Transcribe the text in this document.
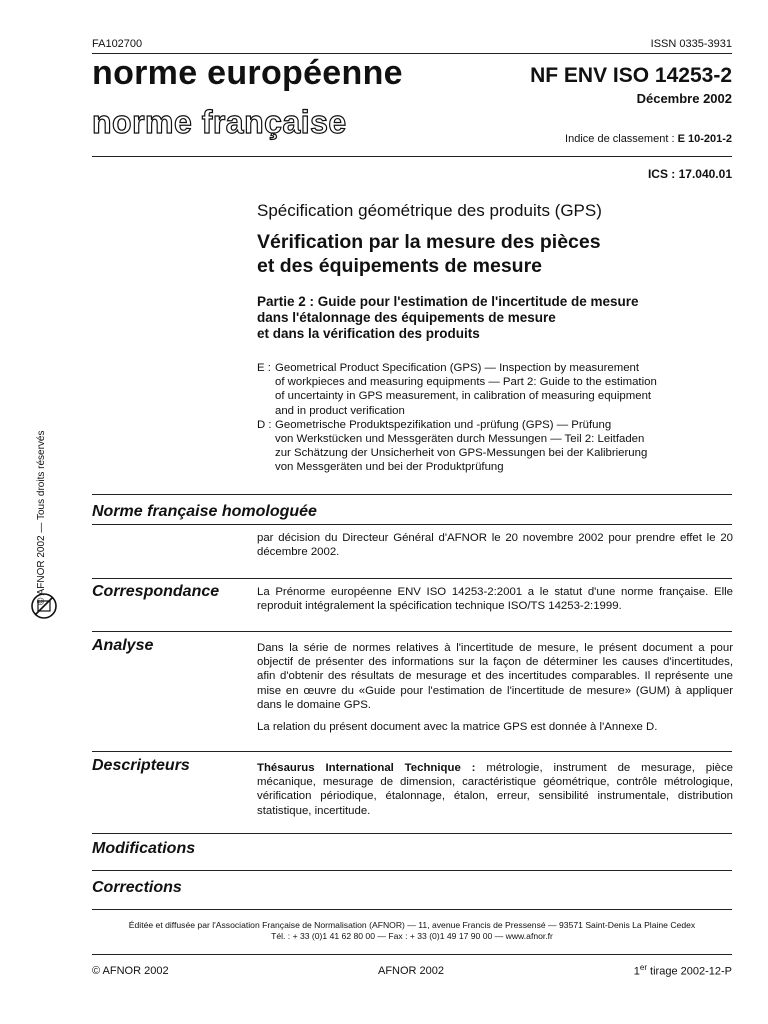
FA102700	ISSN 0335-3931
norme européenne
norme française
NF ENV ISO 14253-2
Décembre 2002
Indice de classement : E 10-201-2
ICS : 17.040.01
Spécification géométrique des produits (GPS)
Vérification par la mesure des pièces
et des équipements de mesure
Partie 2 : Guide pour l'estimation de l'incertitude de mesure
dans l'étalonnage des équipements de mesure
et dans la vérification des produits
E : Geometrical Product Specification (GPS) — Inspection by measurement
of workpieces and measuring equipments — Part 2: Guide to the estimation
of uncertainty in GPS measurement, in calibration of measuring equipment
and in product verification
D : Geometrische Produktspezifikation und -prüfung (GPS) — Prüfung
von Werkstücken und Messgeräten durch Messungen — Teil 2: Leitfaden
zur Schätzung der Unsicherheit von GPS-Messungen bei der Kalibrierung
von Messgeräten und bei der Produktprüfung
© AFNOR 2002 — Tous droits réservés	Norme française homologuée
par décision du Directeur Général d'AFNOR le 20 novembre 2002 pour prendre effet le 20 décembre 2002.
Correspondance	La Prénorme européenne ENV ISO 14253-2:2001 a le statut d'une norme française. Elle reproduit intégralement la spécification technique ISO/TS 14253-2:1999.
Analyse	Dans la série de normes relatives à l'incertitude de mesure, le présent document a pour objectif de présenter des informations sur la façon de déterminer les causes d'incertitudes, afin d'obtenir des résultats de mesurage et des incertitudes comparables. Il représente une mise en œuvre du «Guide pour l'estimation de l'incertitude de mesure» (GUM) à appliquer dans le domaine GPS.

La relation du présent document avec la matrice GPS est donnée à l'Annexe D.

Descripteurs	Thésaurus International Technique : métrologie, instrument de mesurage, pièce mécanique, mesurage de dimension, caractéristique géométrique, contrôle métrologique, vérification périodique, étalonnage, étalon, erreur, sensibilité instrumentale, distribution statistique, incertitude.
Modifications
Corrections
Éditée et diffusée par l'Association Française de Normalisation (AFNOR) — 11, avenue Francis de Pressensé — 93571 Saint-Denis La Plaine Cedex
Tél. : + 33 (0)1 41 62 80 00 — Fax : + 33 (0)1 49 17 90 00 — www.afnor.fr
© AFNOR 2002	AFNOR 2002	1er tirage 2002-12-P
